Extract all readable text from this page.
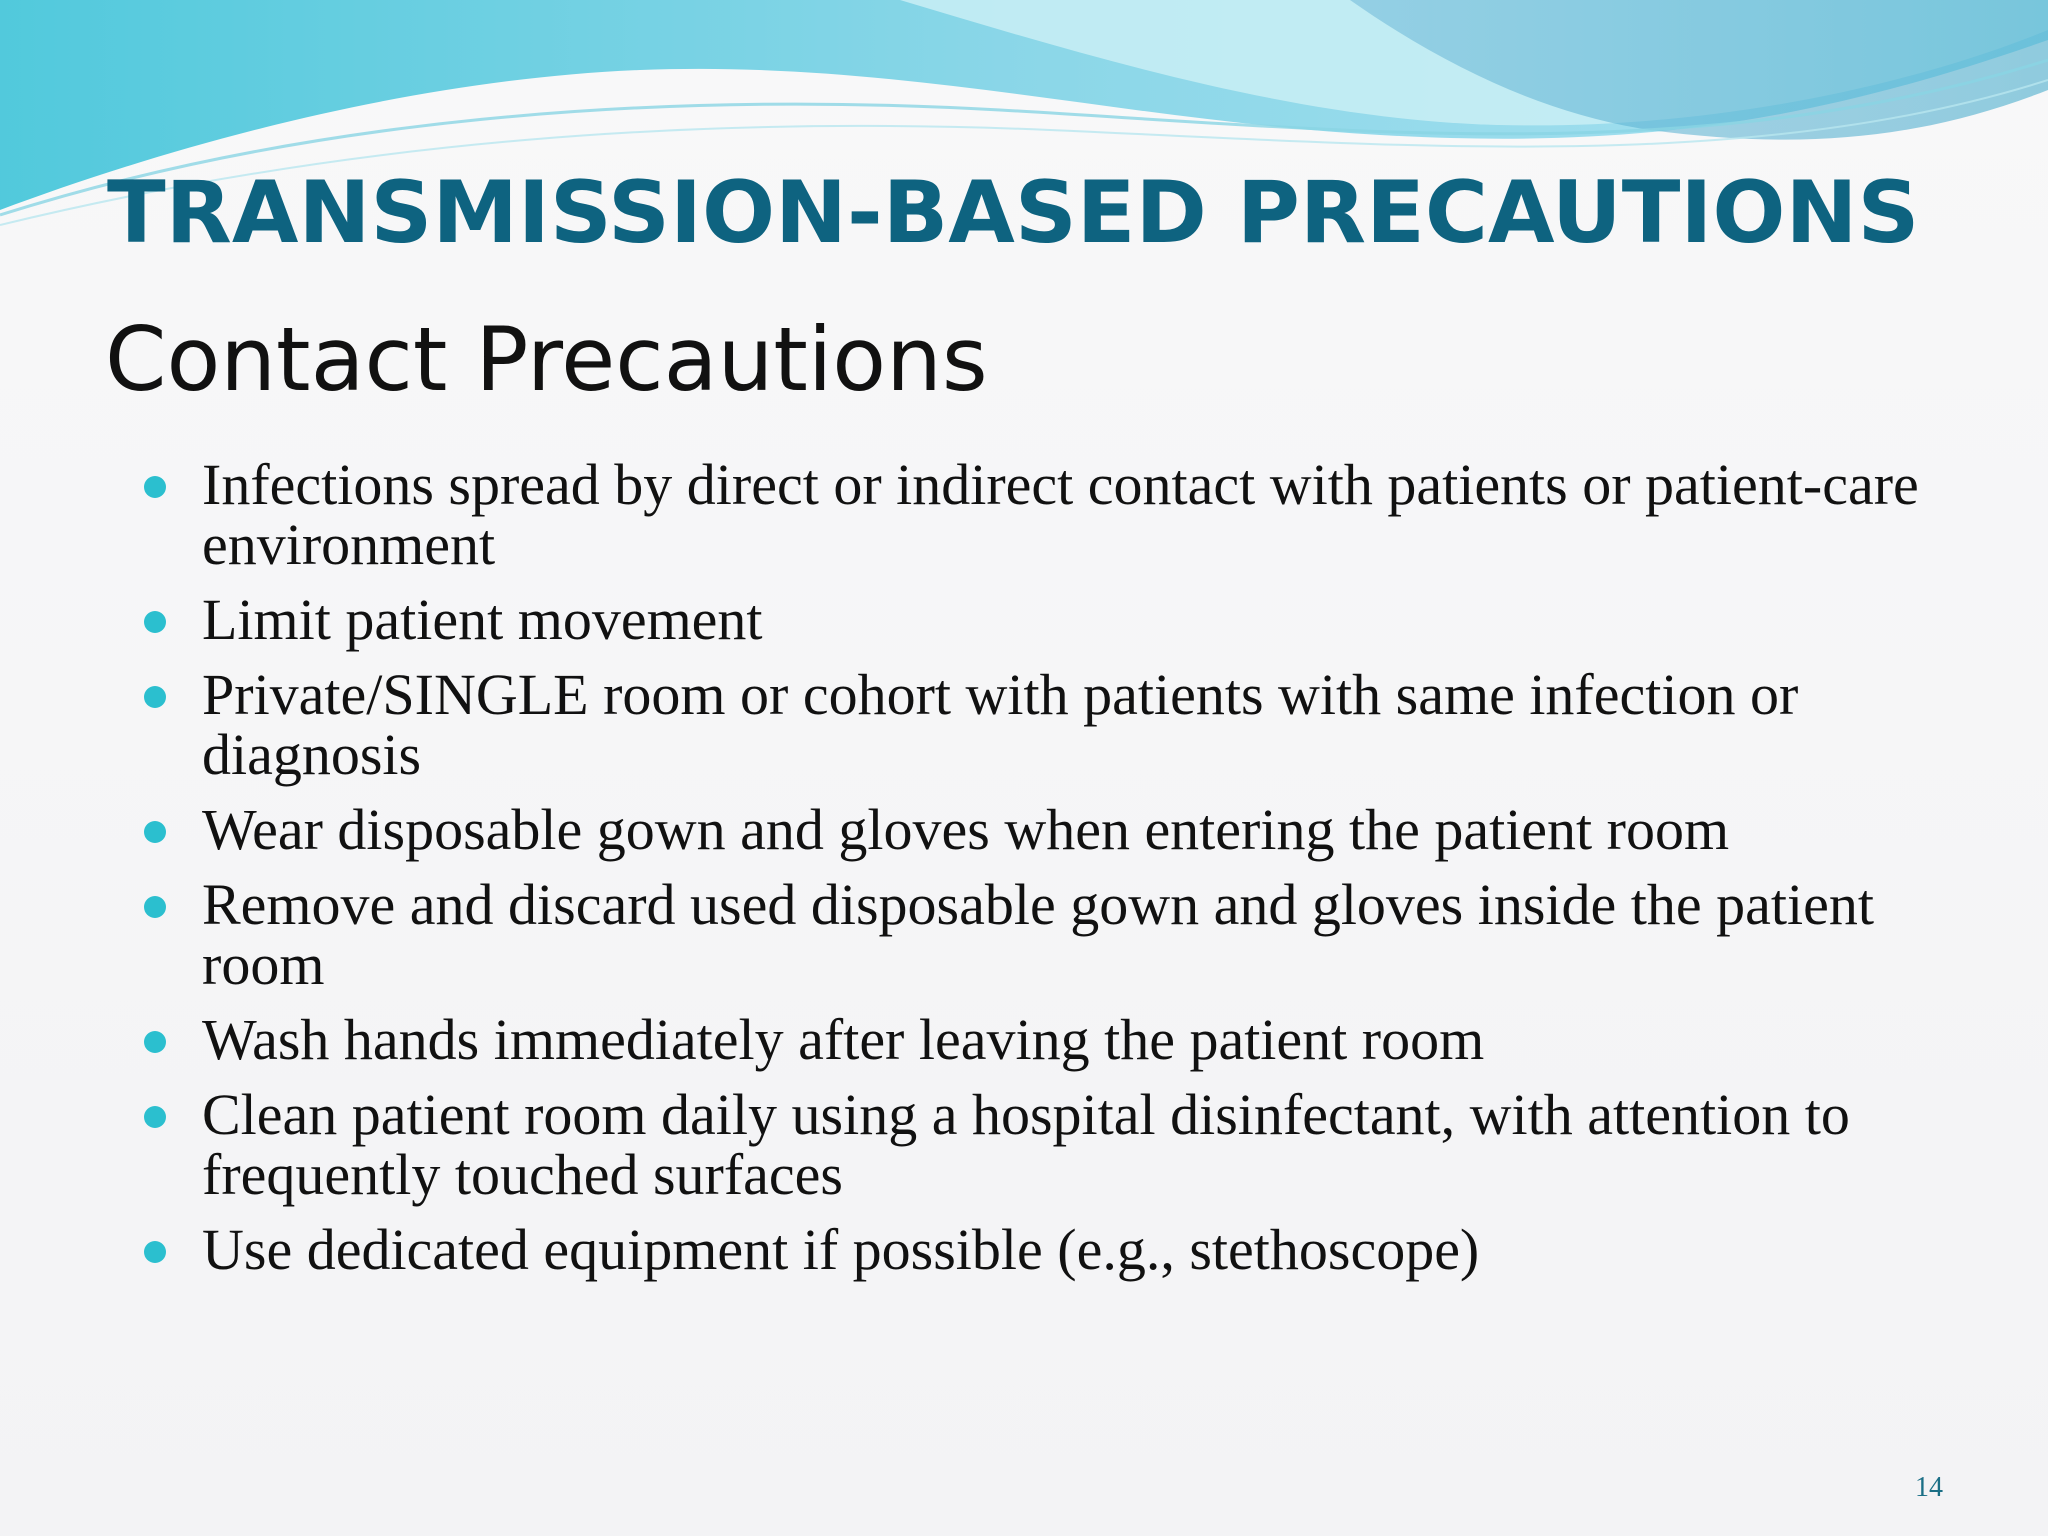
TRANSMISSION-BASED PRECAUTIONS
Contact Precautions
Infections spread by direct or indirect contact with patients or patient-care environment
Limit patient movement
Private/SINGLE room or cohort with patients with same infection or diagnosis
Wear disposable gown and gloves when entering the patient room
Remove and discard used disposable gown and gloves inside the patient room
Wash hands immediately after leaving the patient room
Clean patient room daily using a hospital disinfectant, with attention to frequently touched surfaces
Use dedicated equipment if possible (e.g., stethoscope)
14
